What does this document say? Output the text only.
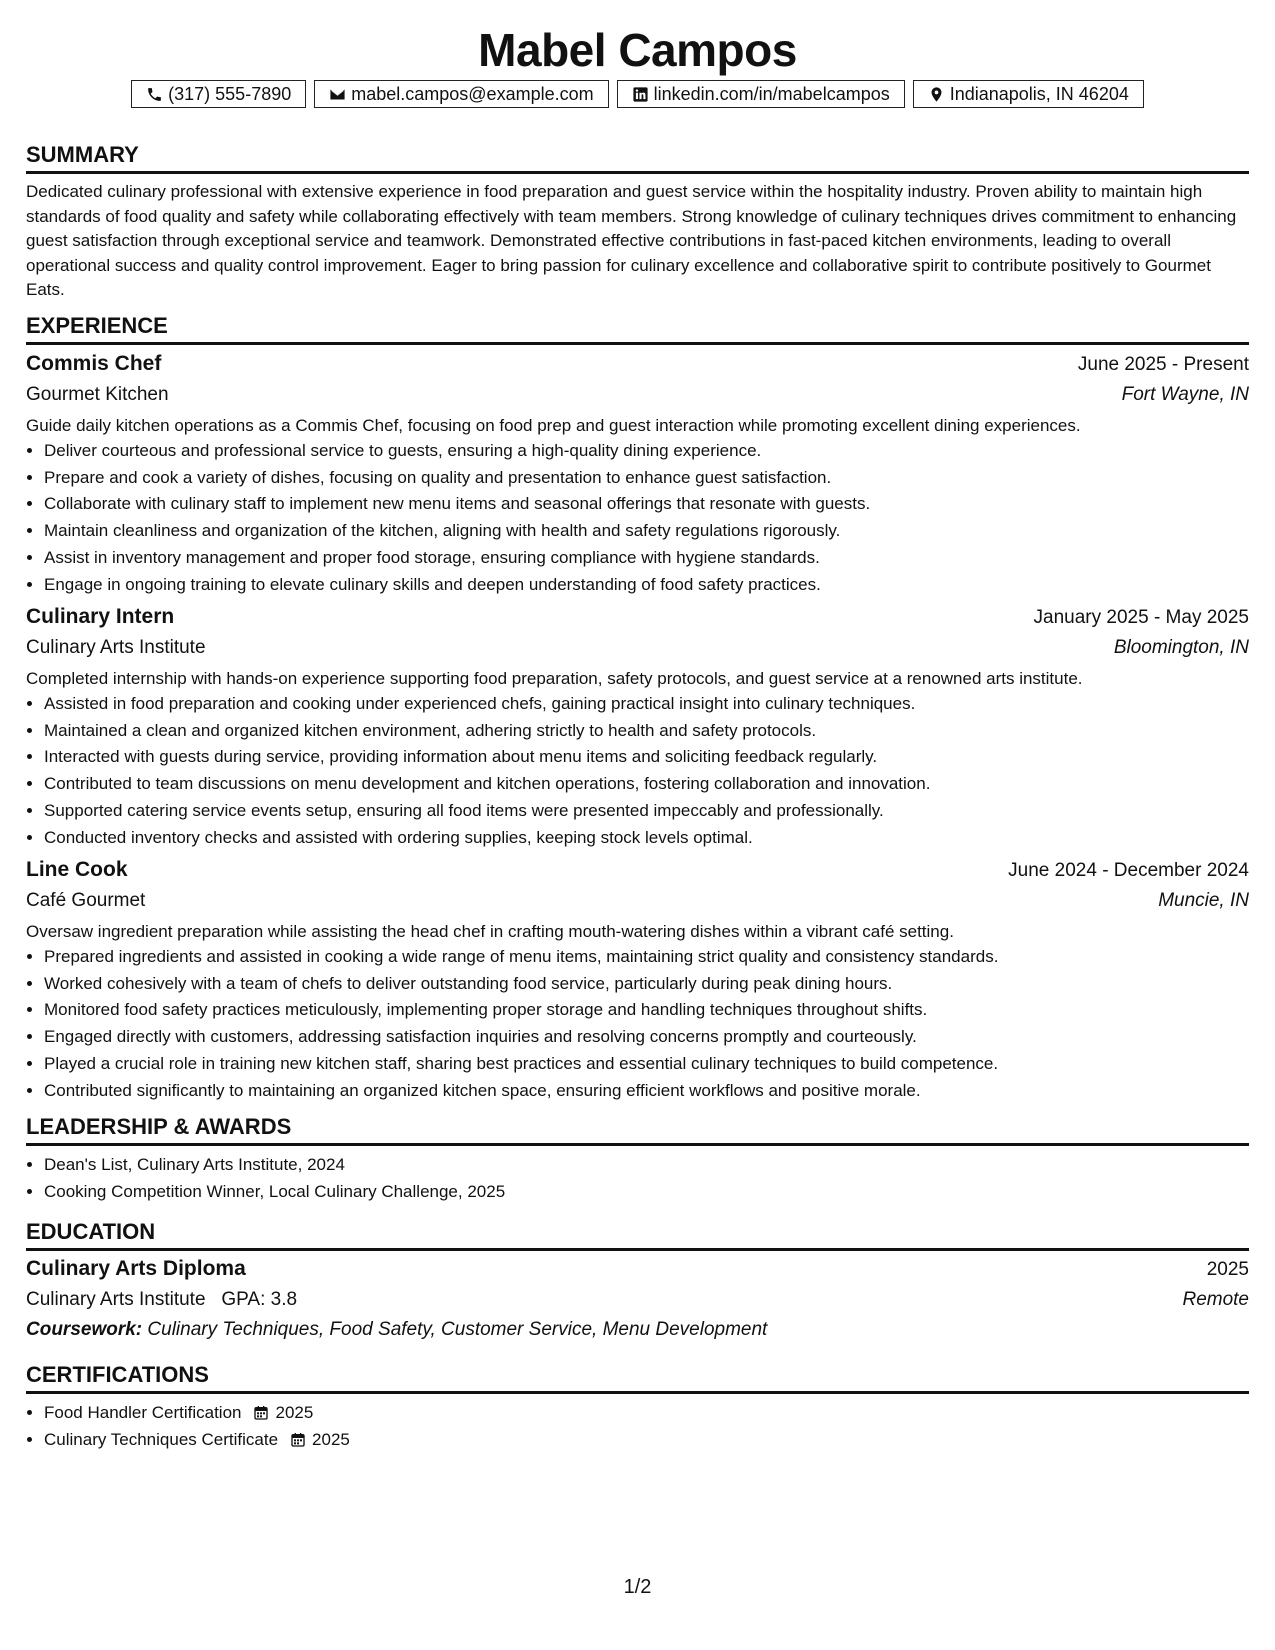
Mabel Campos
(317) 555-7890	mabel.campos@example.com	linkedin.com/in/mabelcampos	Indianapolis, IN 46204
SUMMARY
Dedicated culinary professional with extensive experience in food preparation and guest service within the hospitality industry. Proven ability to maintain high standards of food quality and safety while collaborating effectively with team members. Strong knowledge of culinary techniques drives commitment to enhancing guest satisfaction through exceptional service and teamwork. Demonstrated effective contributions in fast-paced kitchen environments, leading to overall operational success and quality control improvement. Eager to bring passion for culinary excellence and collaborative spirit to contribute positively to Gourmet Eats.
EXPERIENCE
Commis Chef	June 2025 - Present
Gourmet Kitchen	Fort Wayne, IN
Guide daily kitchen operations as a Commis Chef, focusing on food prep and guest interaction while promoting excellent dining experiences.
• Deliver courteous and professional service to guests, ensuring a high-quality dining experience.
• Prepare and cook a variety of dishes, focusing on quality and presentation to enhance guest satisfaction.
• Collaborate with culinary staff to implement new menu items and seasonal offerings that resonate with guests.
• Maintain cleanliness and organization of the kitchen, aligning with health and safety regulations rigorously.
• Assist in inventory management and proper food storage, ensuring compliance with hygiene standards.
• Engage in ongoing training to elevate culinary skills and deepen understanding of food safety practices.
Culinary Intern	January 2025 - May 2025
Culinary Arts Institute	Bloomington, IN
Completed internship with hands-on experience supporting food preparation, safety protocols, and guest service at a renowned arts institute.
• Assisted in food preparation and cooking under experienced chefs, gaining practical insight into culinary techniques.
• Maintained a clean and organized kitchen environment, adhering strictly to health and safety protocols.
• Interacted with guests during service, providing information about menu items and soliciting feedback regularly.
• Contributed to team discussions on menu development and kitchen operations, fostering collaboration and innovation.
• Supported catering service events setup, ensuring all food items were presented impeccably and professionally.
• Conducted inventory checks and assisted with ordering supplies, keeping stock levels optimal.
Line Cook	June 2024 - December 2024
Café Gourmet	Muncie, IN
Oversaw ingredient preparation while assisting the head chef in crafting mouth-watering dishes within a vibrant café setting.
• Prepared ingredients and assisted in cooking a wide range of menu items, maintaining strict quality and consistency standards.
• Worked cohesively with a team of chefs to deliver outstanding food service, particularly during peak dining hours.
• Monitored food safety practices meticulously, implementing proper storage and handling techniques throughout shifts.
• Engaged directly with customers, addressing satisfaction inquiries and resolving concerns promptly and courteously.
• Played a crucial role in training new kitchen staff, sharing best practices and essential culinary techniques to build competence.
• Contributed significantly to maintaining an organized kitchen space, ensuring efficient workflows and positive morale.
LEADERSHIP & AWARDS
• Dean's List, Culinary Arts Institute, 2024
• Cooking Competition Winner, Local Culinary Challenge, 2025
EDUCATION
Culinary Arts Diploma	2025
Culinary Arts Institute GPA: 3.8	Remote
Coursework: Culinary Techniques, Food Safety, Customer Service, Menu Development
CERTIFICATIONS
• Food Handler Certification 2025
• Culinary Techniques Certificate 2025
1/2
